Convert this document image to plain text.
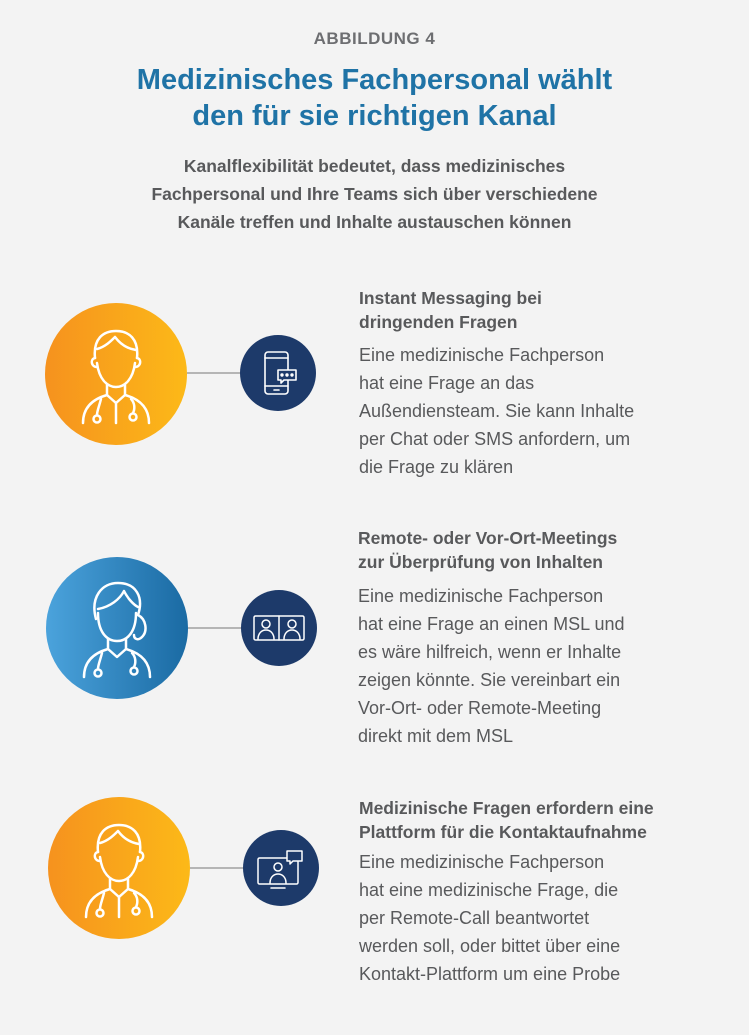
ABBILDUNG 4
Medizinisches Fachpersonal wählt
den für sie richtigen Kanal
Kanalflexibilität bedeutet, dass medizinisches
Fachpersonal und Ihre Teams sich über verschiedene
Kanäle treffen und Inhalte austauschen können
Instant Messaging bei
dringenden Fragen
Eine medizinische Fachperson
hat eine Frage an das
Außendiensteam. Sie kann Inhalte
per Chat oder SMS anfordern, um
die Frage zu klären
Remote- oder Vor-Ort-Meetings
zur Überprüfung von Inhalten
Eine medizinische Fachperson
hat eine Frage an einen MSL und
es wäre hilfreich, wenn er Inhalte
zeigen könnte. Sie vereinbart ein
Vor-Ort- oder Remote-Meeting
direkt mit dem MSL
Medizinische Fragen erfordern eine
Plattform für die Kontaktaufnahme
Eine medizinische Fachperson
hat eine medizinische Frage, die
per Remote-Call beantwortet
werden soll, oder bittet über eine
Kontakt-Plattform um eine Probe
